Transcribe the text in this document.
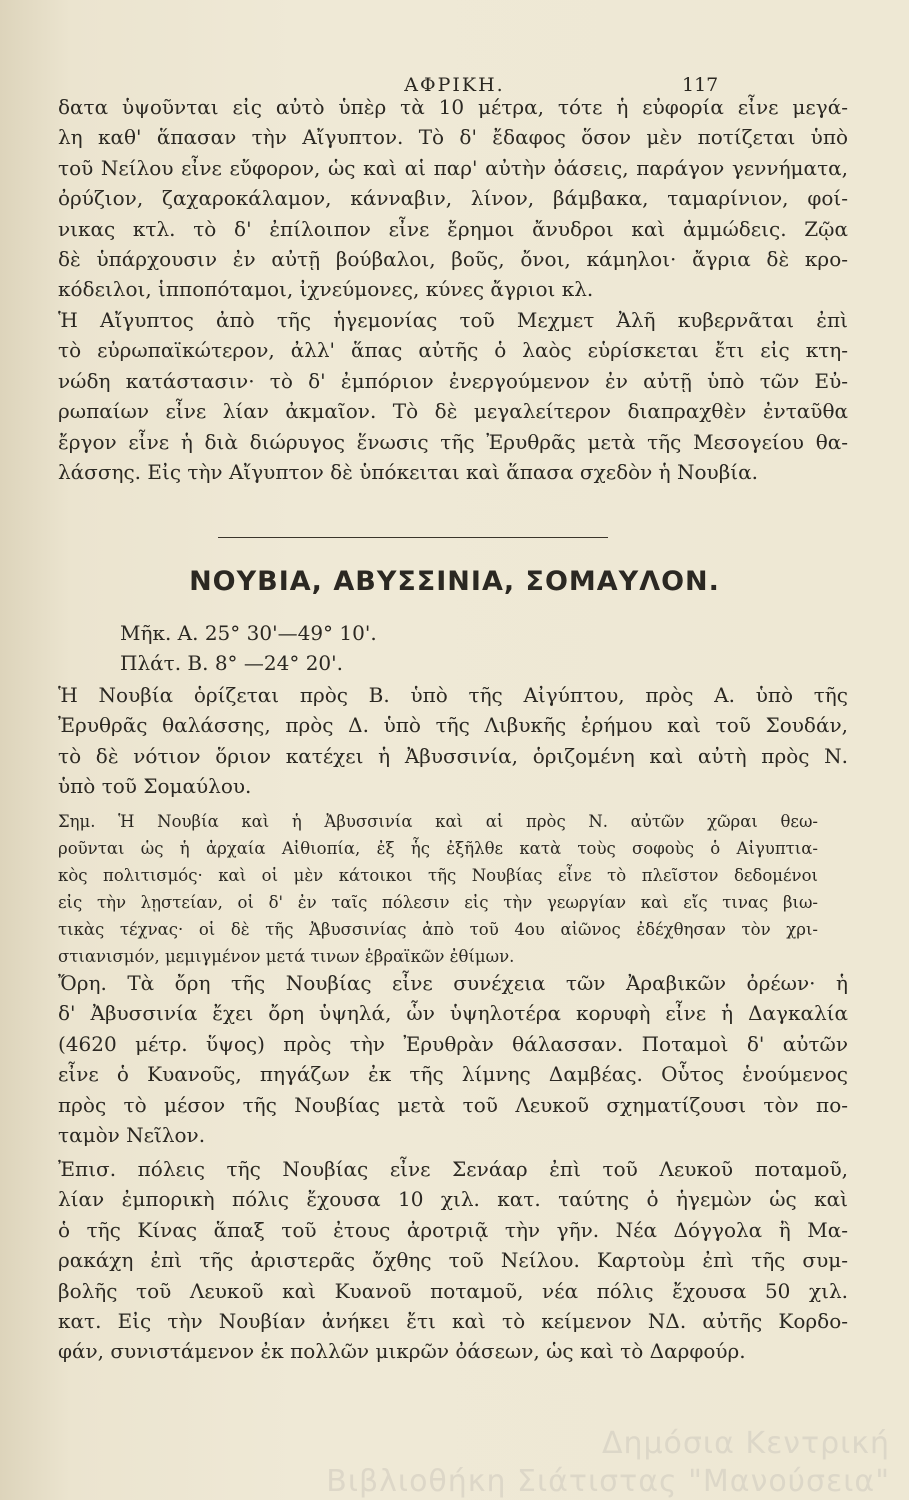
ΑΦΡΙΚΗ.	117
δατα ὑψοῦνται εἰς αὐτὸ ὑπὲρ τὰ 10 μέτρα, τότε ἡ εὐφορία εἶνε μεγά-
λη καθ' ἅπασαν τὴν Αἴγυπτον. Τὸ δ' ἔδαφος ὅσον μὲν ποτίζεται ὑπὸ
τοῦ Νείλου εἶνε εὔφορον, ὡς καὶ αἱ παρ' αὐτὴν ὀάσεις, παράγον γεννήματα,
ὀρύζιον, ζαχαροκάλαμον, κάνναβιν, λίνον, βάμβακα, ταμαρίνιον, φοί-
νικας κτλ. τὸ δ' ἐπίλοιπον εἶνε ἔρημοι ἄνυδροι καὶ ἀμμώδεις. Ζῷα
δὲ ὑπάρχουσιν ἐν αὐτῇ βούβαλοι, βοῦς, ὄνοι, κάμηλοι· ἄγρια δὲ κρο-
κόδειλοι, ἱπποπόταμοι, ἰχνεύμονες, κύνες ἄγριοι κλ.
Ἡ Αἴγυπτος ἀπὸ τῆς ἡγεμονίας τοῦ Μεχμετ Ἀλῆ κυβερνᾶται ἐπὶ
τὸ εὐρωπαϊκώτερον, ἀλλ' ἅπας αὐτῆς ὁ λαὸς εὑρίσκεται ἔτι εἰς κτη-
νώδη κατάστασιν· τὸ δ' ἐμπόριον ἐνεργούμενον ἐν αὐτῇ ὑπὸ τῶν Εὐ-
ρωπαίων εἶνε λίαν ἀκμαῖον. Τὸ δὲ μεγαλείτερον διαπραχθὲν ἐνταῦθα
ἔργον εἶνε ἡ διὰ διώρυγος ἕνωσις τῆς Ἐρυθρᾶς μετὰ τῆς Μεσογείου θα-
λάσσης. Εἰς τὴν Αἴγυπτον δὲ ὑπόκειται καὶ ἅπασα σχεδὸν ἡ Νουβία.
ΝΟΥΒΙΑ, ΑΒΥΣΣΙΝΙΑ, ΣΟΜΑΥΛΟΝ.
Μῆκ. Α. 25° 30'—49° 10'.
Πλάτ. Β. 8° —24° 20'.
Ἡ Νουβία ὁρίζεται πρὸς Β. ὑπὸ τῆς Αἰγύπτου, πρὸς Α. ὑπὸ τῆς
Ἐρυθρᾶς θαλάσσης, πρὸς Δ. ὑπὸ τῆς Λιβυκῆς ἐρήμου καὶ τοῦ Σουδάν,
τὸ δὲ νότιον ὅριον κατέχει ἡ Ἀβυσσινία, ὁριζομένη καὶ αὐτὴ πρὸς Ν.
ὑπὸ τοῦ Σομαύλου.
Σημ. Ἡ Νουβία καὶ ἡ Ἀβυσσινία καὶ αἱ πρὸς Ν. αὐτῶν χῶραι θεω-
ροῦνται ὡς ἡ ἀρχαία Αἰθιοπία, ἐξ ἧς ἐξῆλθε κατὰ τοὺς σοφοὺς ὁ Αἰγυπτια-
κὸς πολιτισμός· καὶ οἱ μὲν κάτοικοι τῆς Νουβίας εἶνε τὸ πλεῖστον δεδομένοι
εἰς τὴν λῃστείαν, οἱ δ' ἐν ταῖς πόλεσιν εἰς τὴν γεωργίαν καὶ εἴς τινας βιω-
τικὰς τέχνας· οἱ δὲ τῆς Ἀβυσσινίας ἀπὸ τοῦ 4ου αἰῶνος ἐδέχθησαν τὸν χρι-
στιανισμόν, μεμιγμένον μετά τινων ἑβραϊκῶν ἐθίμων.
Ὄρη. Τὰ ὄρη τῆς Νουβίας εἶνε συνέχεια τῶν Ἀραβικῶν ὀρέων· ἡ
δ' Ἀβυσσινία ἔχει ὄρη ὑψηλά, ὧν ὑψηλοτέρα κορυφὴ εἶνε ἡ Δαγκαλία
(4620 μέτρ. ὕψος) πρὸς τὴν Ἐρυθρὰν θάλασσαν. Ποταμοὶ δ' αὐτῶν
εἶνε ὁ Κυανοῦς, πηγάζων ἐκ τῆς λίμνης Δαμβέας. Οὗτος ἑνούμενος
πρὸς τὸ μέσον τῆς Νουβίας μετὰ τοῦ Λευκοῦ σχηματίζουσι τὸν πο-
ταμὸν Νεῖλον.
Ἐπισ. πόλεις τῆς Νουβίας εἶνε Σενάαρ ἐπὶ τοῦ Λευκοῦ ποταμοῦ,
λίαν ἐμπορικὴ πόλις ἔχουσα 10 χιλ. κατ. ταύτης ὁ ἡγεμὼν ὡς καὶ
ὁ τῆς Κίνας ἅπαξ τοῦ ἐτους ἀροτριᾷ τὴν γῆν. Νέα Δόγγολα ἢ Μα-
ρακάχη ἐπὶ τῆς ἀριστερᾶς ὄχθης τοῦ Νείλου. Καρτοὺμ ἐπὶ τῆς συμ-
βολῆς τοῦ Λευκοῦ καὶ Κυανοῦ ποταμοῦ, νέα πόλις ἔχουσα 50 χιλ.
κατ. Εἰς τὴν Νουβίαν ἀνήκει ἔτι καὶ τὸ κείμενον ΝΔ. αὐτῆς Κορδο-
φάν, συνιστάμενον ἐκ πολλῶν μικρῶν ὀάσεων, ὡς καὶ τὸ Δαρφούρ.
Δημόσια Κεντρική
Βιβλιοθήκη Σιάτιστας "Μανούσεια"
